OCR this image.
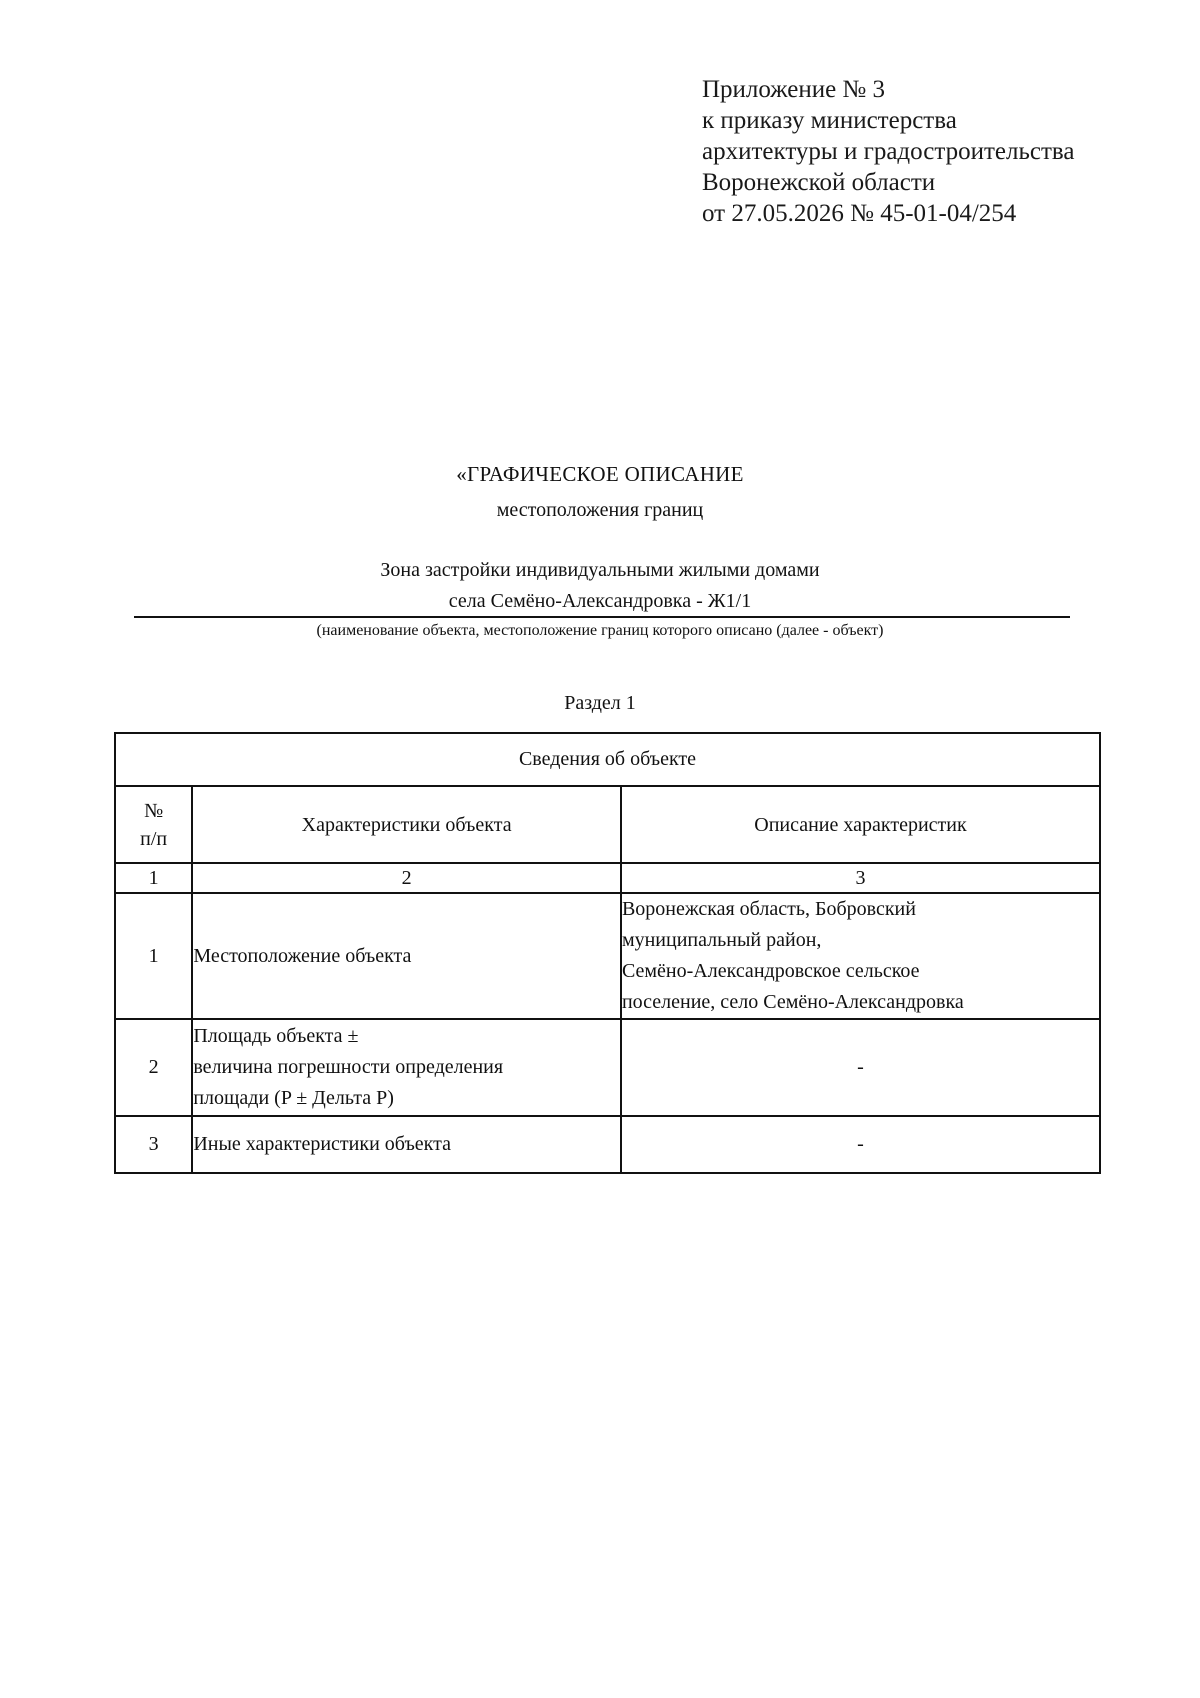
Приложение № 3
к приказу министерства
архитектуры и градостроительства
Воронежской области
от 27.05.2026 № 45-01-04/254
«ГРАФИЧЕСКОЕ ОПИСАНИЕ
местоположения границ
Зона застройки индивидуальными жилыми домами
села Семёно-Александровка - Ж1/1
(наименование объекта, местоположение границ которого описано (далее - объект)
Раздел 1
Сведения об объекте		

№
п/п	Характеристики объекта	Описание характеристик
1	2	3
1	Местоположение объекта	Воронежская область, Бобровский
муниципальный район,
Семёно-Александровское сельское
поселение, село Семёно-Александровка

2	Площадь объекта ±
величина погрешности определения
площади (P ± Дельта P)	-

3	Иные характеристики объекта	-
